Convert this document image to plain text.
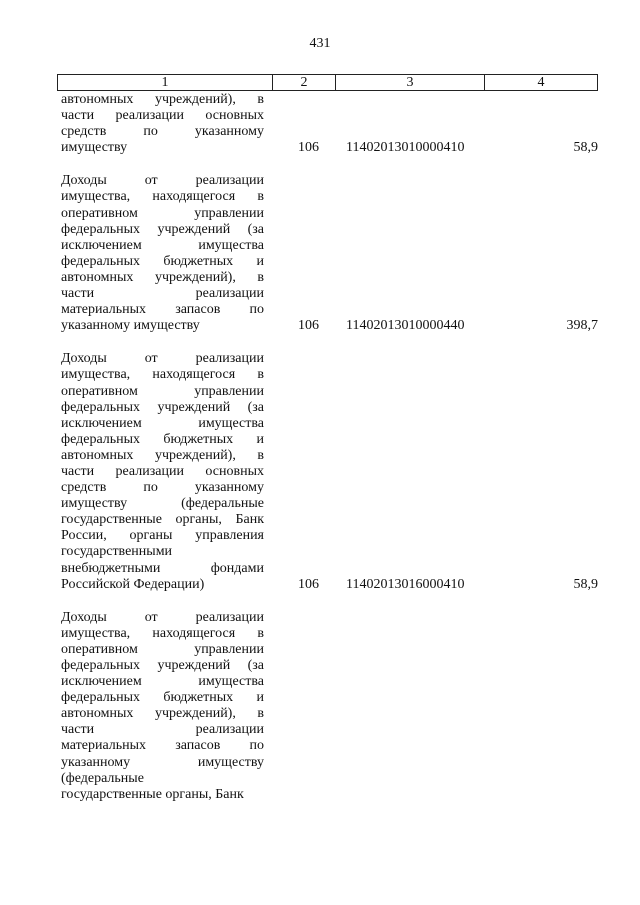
431
1	2	3	4
автономных учреждений), в
части реализации основных
средств по указанному
имуществу	106 11402013010000410	58,9
Доходы от реализации
имущества, находящегося в
оперативном управлении
федеральных учреждений (за
исключением имущества
федеральных бюджетных и
автономных учреждений), в
части реализации
материальных запасов по
указанному имуществу	106 11402013010000440	398,7
Доходы от реализации
имущества, находящегося в
оперативном управлении
федеральных учреждений (за
исключением имущества
федеральных бюджетных и
автономных учреждений), в
части реализации основных
средств по указанному
имуществу (федеральные
государственные органы, Банк
России, органы управления
государственными
внебюджетными фондами
Российской Федерации)	106 11402013016000410	58,9
Доходы от реализации
имущества, находящегося в
оперативном управлении
федеральных учреждений (за
исключением имущества
федеральных бюджетных и
автономных учреждений), в
части реализации
материальных запасов по
указанному имуществу
(федеральные
государственные органы, Банк
